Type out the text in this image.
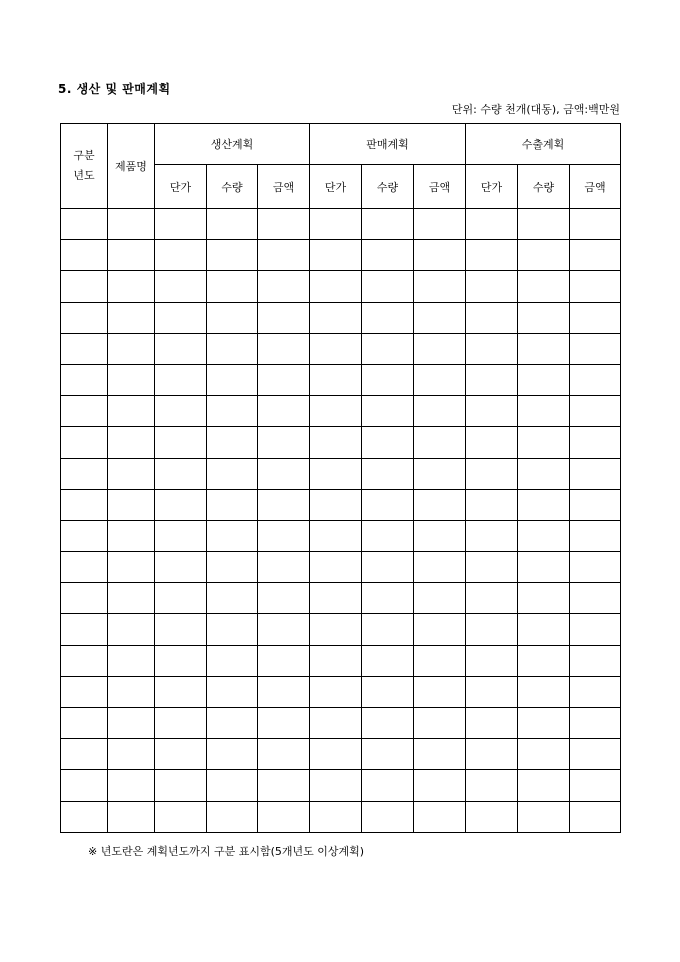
5. 생산 및 판매계획
단위: 수량 천개(대동), 금액:백만원
구분
년도	제품명	생산계획			판매계획			수출계획		
		단가	수량	금액	단가	수량	금액	단가	수량	금액

※ 년도란은 계획년도까지 구분 표시함(5개년도 이상계획)
